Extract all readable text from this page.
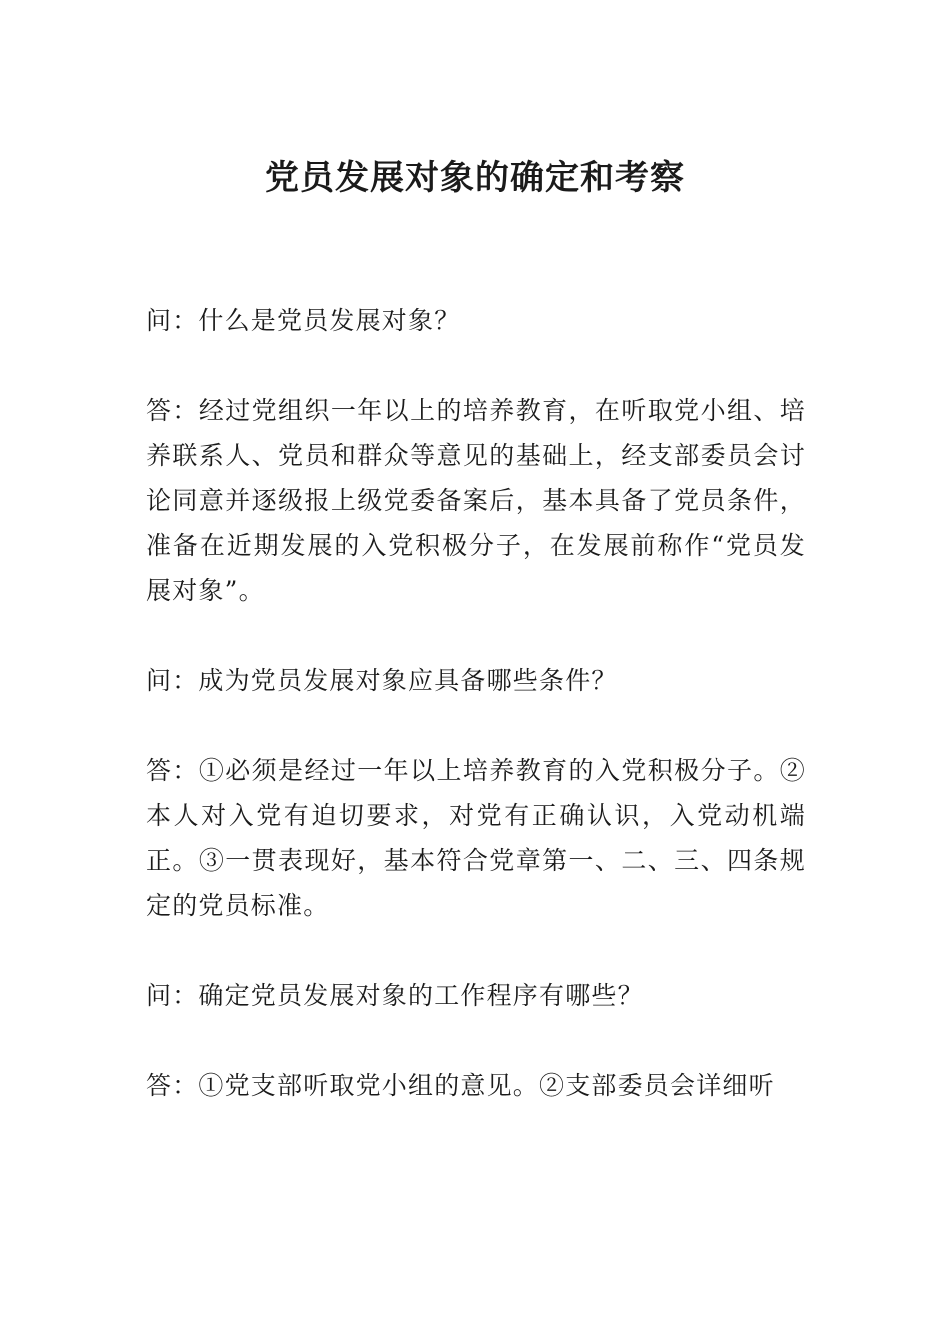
党员发展对象的确定和考察

问：什么是党员发展对象？

答：经过党组织一年以上的培养教育，在听取党小组、培养联系人、党员和群众等意见的基础上，经支部委员会讨论同意并逐级报上级党委备案后，基本具备了党员条件，准备在近期发展的入党积极分子，在发展前称作“党员发展对象”。

问：成为党员发展对象应具备哪些条件？

答：①必须是经过一年以上培养教育的入党积极分子。② 本人对入党有迫切要求，对党有正确认识，入党动机端正。③一贯表现好，基本符合党章第一、二、三、四条规定的党员标准。

问：确定党员发展对象的工作程序有哪些？

答：①党支部听取党小组的意见。②支部委员会详细听
